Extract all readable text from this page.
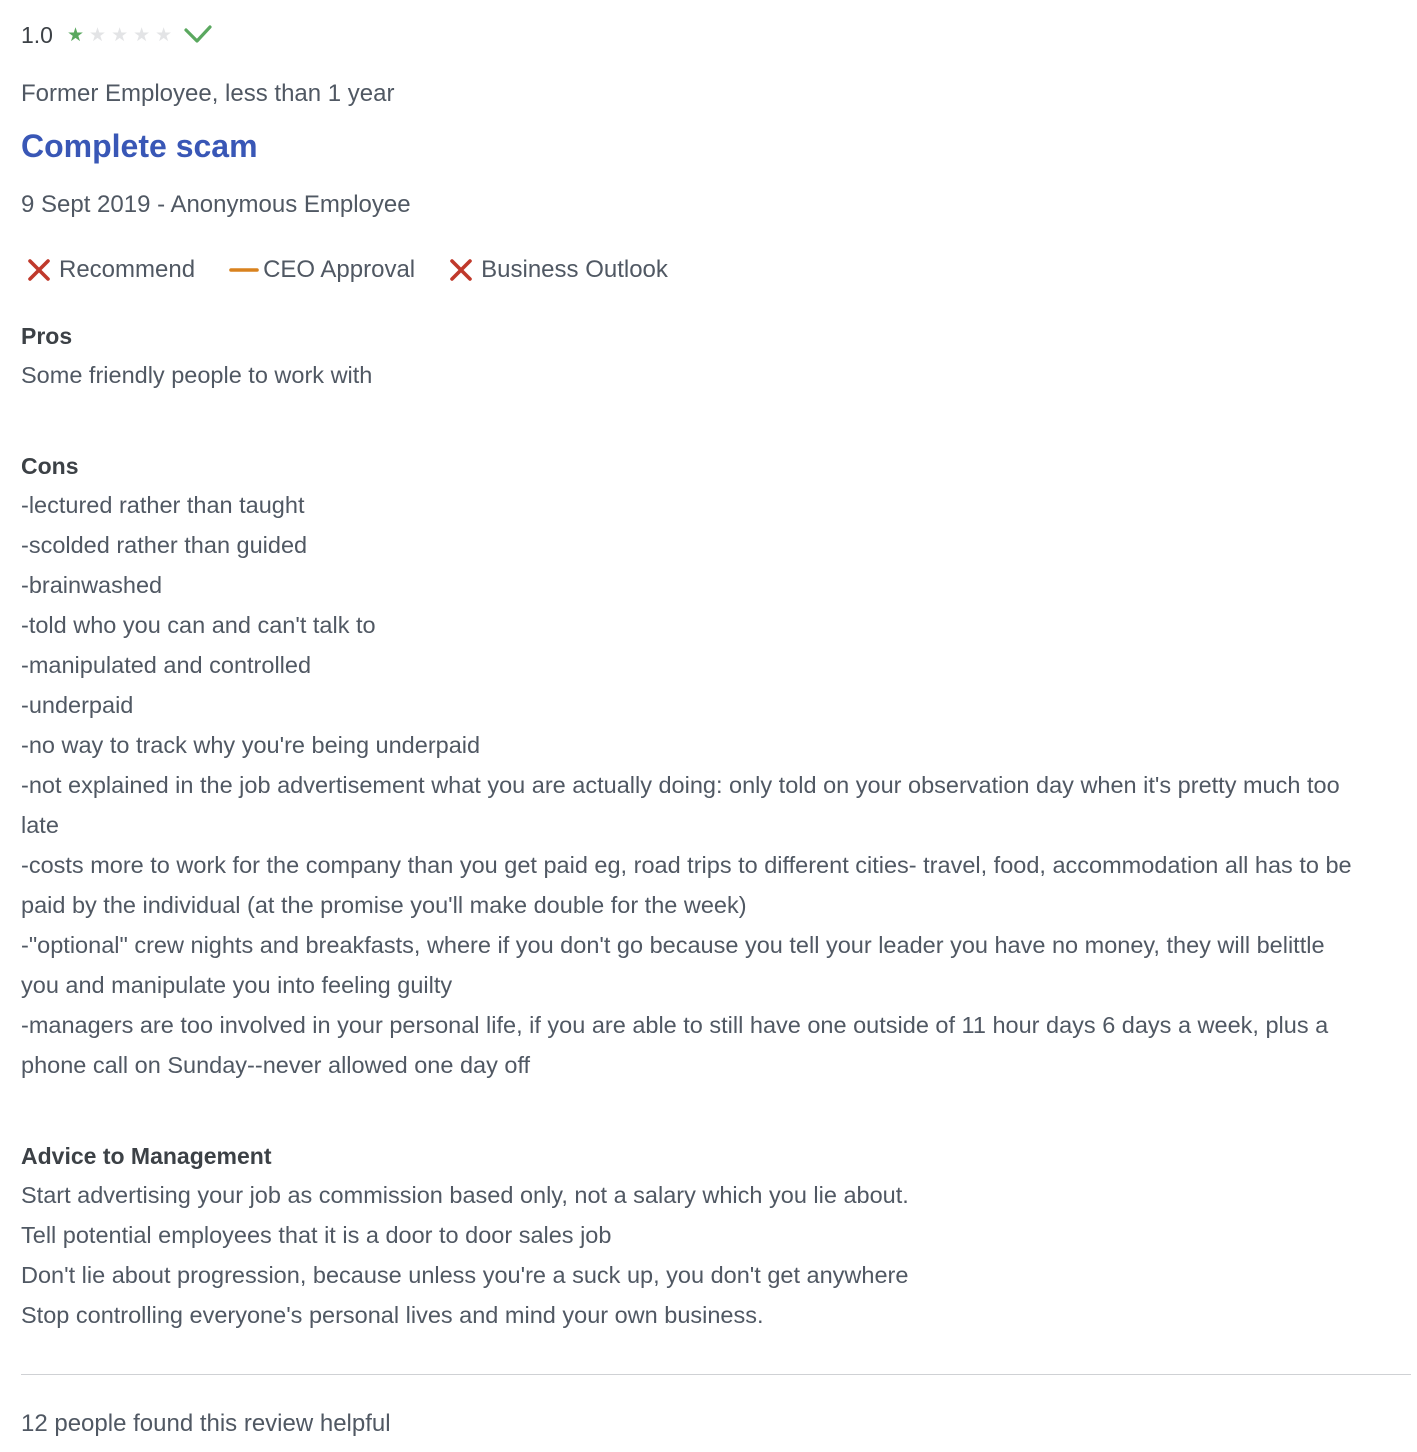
1.0 ★ ★ ★ ★ ★
Former Employee, less than 1 year
Complete scam
9 Sept 2019 - Anonymous Employee
Recommend	CEO Approval	Business Outlook
Pros
Some friendly people to work with
Cons
-lectured rather than taught
-scolded rather than guided
-brainwashed
-told who you can and can't talk to
-manipulated and controlled
-underpaid
-no way to track why you're being underpaid
-not explained in the job advertisement what you are actually doing: only told on your observation day when it's pretty much too
late
-costs more to work for the company than you get paid eg, road trips to different cities- travel, food, accommodation all has to be
paid by the individual (at the promise you'll make double for the week)
-"optional" crew nights and breakfasts, where if you don't go because you tell your leader you have no money, they will belittle
you and manipulate you into feeling guilty
-managers are too involved in your personal life, if you are able to still have one outside of 11 hour days 6 days a week, plus a
phone call on Sunday--never allowed one day off
Advice to Management
Start advertising your job as commission based only, not a salary which you lie about.
Tell potential employees that it is a door to door sales job
Don't lie about progression, because unless you're a suck up, you don't get anywhere
Stop controlling everyone's personal lives and mind your own business.
12 people found this review helpful
